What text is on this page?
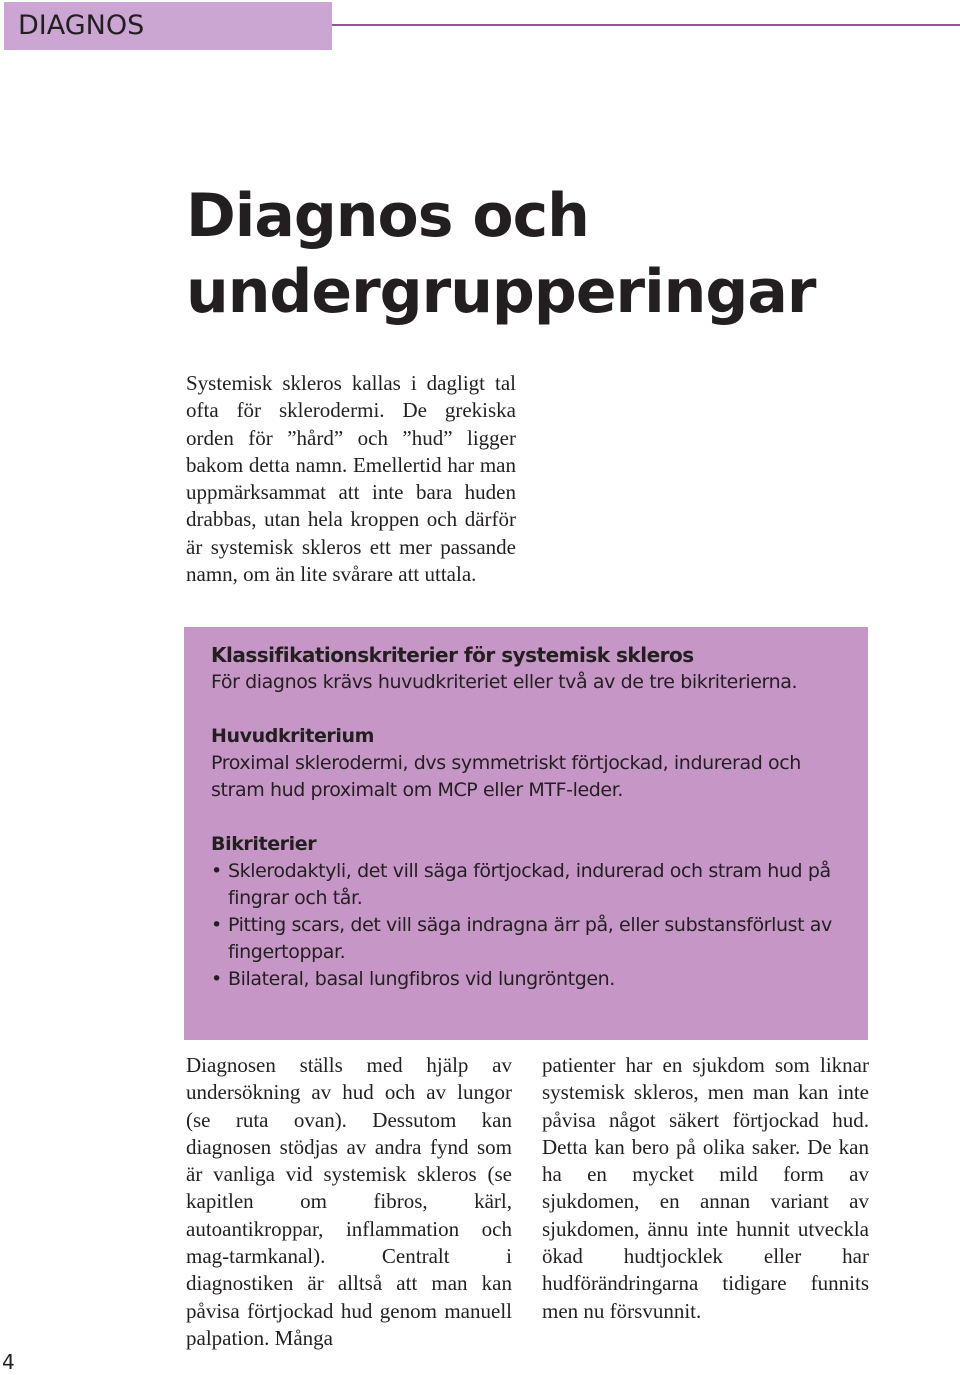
DIAGNOS
Diagnos och
undergrupperingar

Systemisk skleros kallas i dagligt tal ofta för sklerodermi. De grekiska orden för ”hård” och ”hud” ligger bakom detta namn. Emellertid har man uppmärksammat att inte bara huden drabbas, utan hela kroppen och därför är systemisk skleros ett mer passande namn, om än lite svårare att uttala.

Klassifikationskriterier för systemisk skleros

För diagnos krävs huvudkriteriet eller två av de tre bikriterierna.

Huvudkriterium

Proximal sklerodermi, dvs symmetriskt förtjockad, indurerad och stram hud proximalt om MCP eller MTF-leder.

Bikriterier

• Sklerodaktyli, det vill säga förtjockad, indurerad och stram hud på fingrar och tår.
• Pitting scars, det vill säga indragna ärr på, eller substansförlust av fingertoppar.
• Bilateral, basal lungfibros vid lungröntgen.

Diagnosen ställs med hjälp av undersökning av hud och av lungor (se ruta ovan). Dessutom kan diagnosen stödjas av andra fynd som är vanliga vid systemisk skleros (se kapitlen om fibros, kärl, autoantikroppar, inflammation och mag-tarmkanal). Centralt i diagnostiken är alltså att man kan påvisa förtjockad hud genom manuell palpation. Många

patienter har en sjukdom som liknar systemisk skleros, men man kan inte påvisa något säkert förtjockad hud. Detta kan bero på olika saker. De kan ha en mycket mild form av sjukdomen, en annan variant av sjukdomen, ännu inte hunnit utveckla ökad hudtjocklek eller har hudförändringarna tidigare funnits men nu försvunnit.

4
